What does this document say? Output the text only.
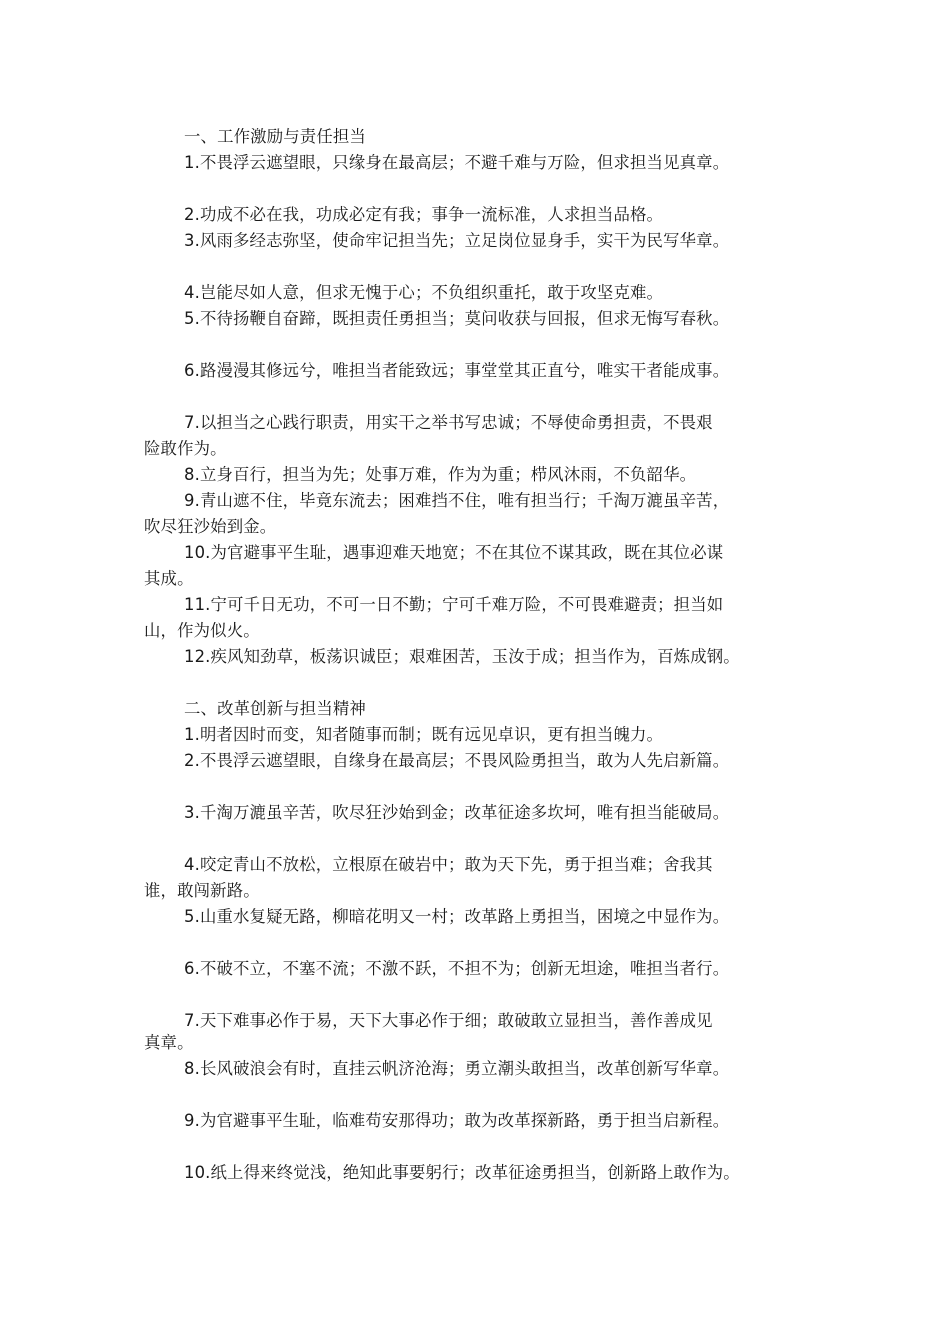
一、工作激励与责任担当
1.不畏浮云遮望眼，只缘身在最高层；不避千难与万险，但求担当见真章。
2.功成不必在我，功成必定有我；事争一流标准，人求担当品格。
3.风雨多经志弥坚，使命牢记担当先；立足岗位显身手，实干为民写华章。
4.岂能尽如人意，但求无愧于心；不负组织重托，敢于攻坚克难。
5.不待扬鞭自奋蹄，既担责任勇担当；莫问收获与回报，但求无悔写春秋。
6.路漫漫其修远兮，唯担当者能致远；事堂堂其正直兮，唯实干者能成事。
7.以担当之心践行职责，用实干之举书写忠诚；不辱使命勇担责，不畏艰
险敢作为。
8.立身百行，担当为先；处事万难，作为为重；栉风沐雨，不负韶华。
9.青山遮不住，毕竟东流去；困难挡不住，唯有担当行；千淘万漉虽辛苦，
吹尽狂沙始到金。
10.为官避事平生耻，遇事迎难天地宽；不在其位不谋其政，既在其位必谋
其成。
11.宁可千日无功，不可一日不勤；宁可千难万险，不可畏难避责；担当如
山，作为似火。
12.疾风知劲草，板荡识诚臣；艰难困苦，玉汝于成；担当作为，百炼成钢。
二、改革创新与担当精神
1.明者因时而变，知者随事而制；既有远见卓识，更有担当魄力。
2.不畏浮云遮望眼，自缘身在最高层；不畏风险勇担当，敢为人先启新篇。
3.千淘万漉虽辛苦，吹尽狂沙始到金；改革征途多坎坷，唯有担当能破局。
4.咬定青山不放松，立根原在破岩中；敢为天下先，勇于担当难；舍我其
谁，敢闯新路。
5.山重水复疑无路，柳暗花明又一村；改革路上勇担当，困境之中显作为。
6.不破不立，不塞不流；不激不跃，不担不为；创新无坦途，唯担当者行。
7.天下难事必作于易，天下大事必作于细；敢破敢立显担当，善作善成见
真章。
8.长风破浪会有时，直挂云帆济沧海；勇立潮头敢担当，改革创新写华章。
9.为官避事平生耻，临难苟安那得功；敢为改革探新路，勇于担当启新程。
10.纸上得来终觉浅，绝知此事要躬行；改革征途勇担当，创新路上敢作为。
